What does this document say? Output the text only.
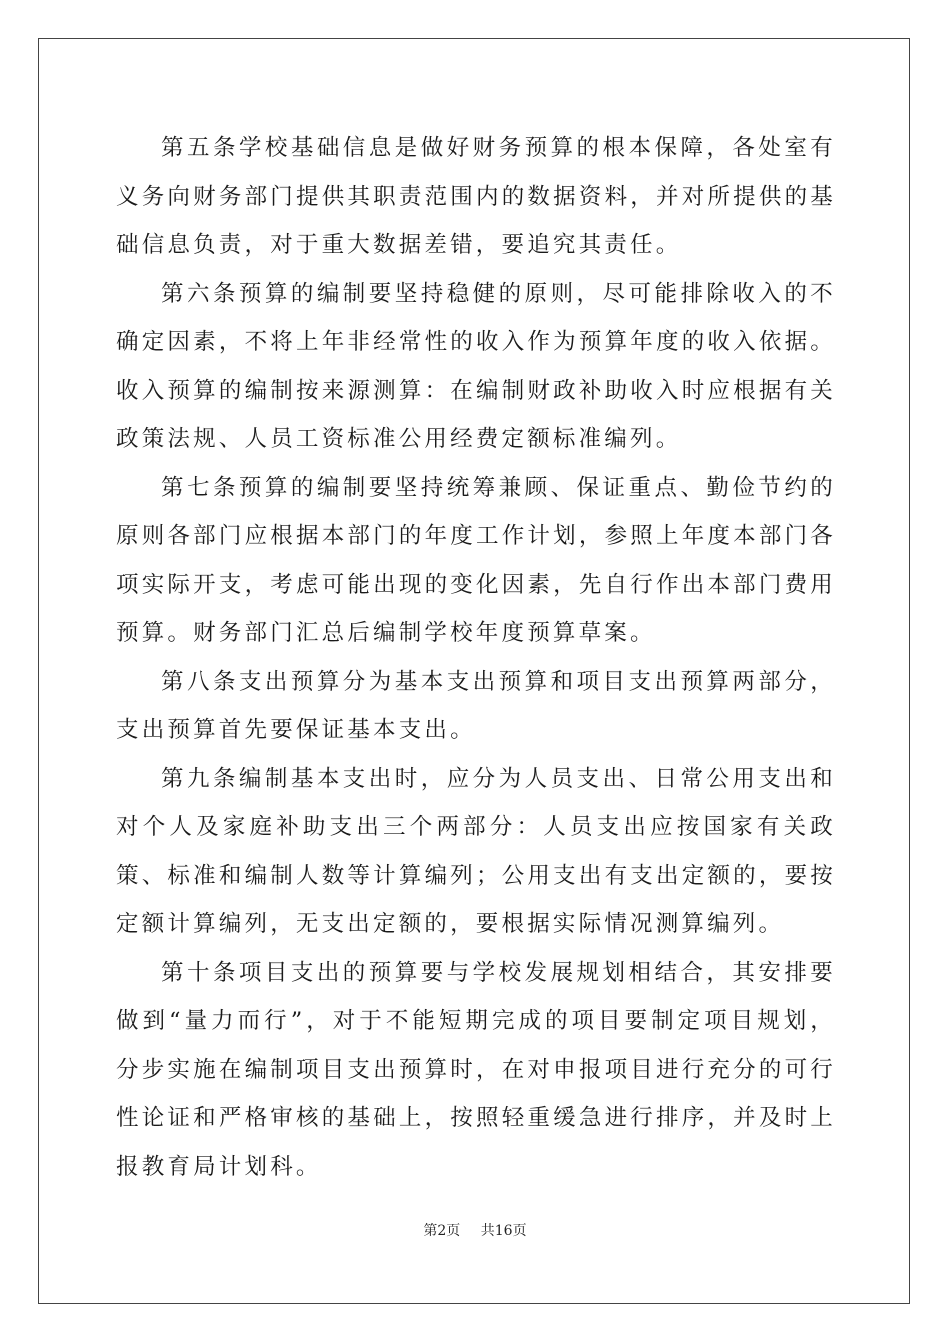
第五条学校基础信息是做好财务预算的根本保障，各处室有义务向财务部门提供其职责范围内的数据资料，并对所提供的基础信息负责，对于重大数据差错，要追究其责任。

第六条预算的编制要坚持稳健的原则，尽可能排除收入的不确定因素，不将上年非经常性的收入作为预算年度的收入依据。收入预算的编制按来源测算：在编制财政补助收入时应根据有关政策法规、人员工资标准公用经费定额标准编列。

第七条预算的编制要坚持统筹兼顾、保证重点、勤俭节约的原则各部门应根据本部门的年度工作计划，参照上年度本部门各项实际开支，考虑可能出现的变化因素，先自行作出本部门费用预算。财务部门汇总后编制学校年度预算草案。

第八条支出预算分为基本支出预算和项目支出预算两部分，支出预算首先要保证基本支出。

第九条编制基本支出时，应分为人员支出、日常公用支出和对个人及家庭补助支出三个两部分：人员支出应按国家有关政策、标准和编制人数等计算编列；公用支出有支出定额的，要按定额计算编列，无支出定额的，要根据实际情况测算编列。

第十条项目支出的预算要与学校发展规划相结合，其安排要做到“量力而行”，对于不能短期完成的项目要制定项目规划，分步实施在编制项目支出预算时，在对申报项目进行充分的可行性论证和严格审核的基础上，按照轻重缓急进行排序，并及时上报教育局计划科。

第2页 共16页
